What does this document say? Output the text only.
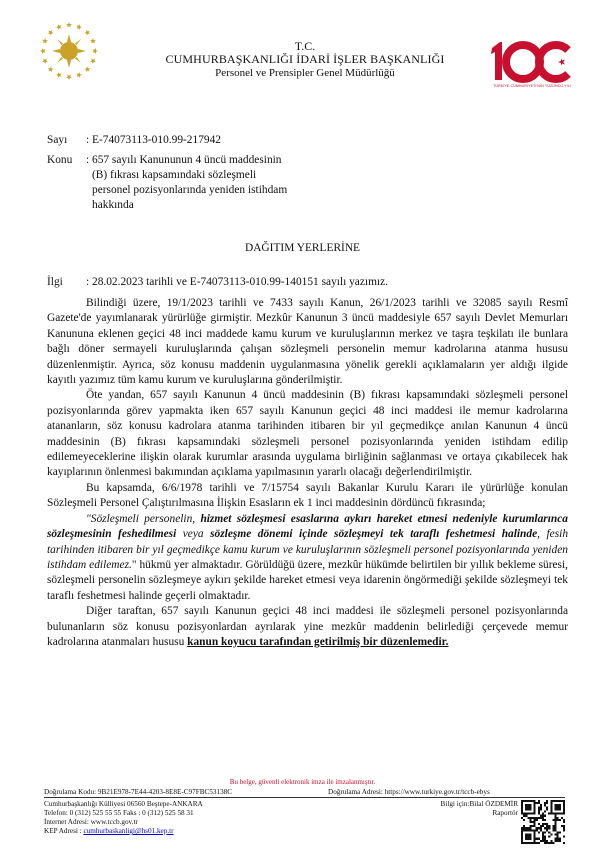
TÜRKİYE CUMHURİYETİ'NİN YÜZÜNCÜ YILI
T.C.
CUMHURBAŞKANLIĞI İDARİ İŞLER BAŞKANLIĞI
Personel ve Prensipler Genel Müdürlüğü
Sayı : E-74073113-010.99-217942
Konu : 657 sayılı Kanununun 4 üncü maddesinin
(B) fıkrası kapsamındaki sözleşmeli
personel pozisyonlarında yeniden istihdam
hakkında
DAĞITIM YERLERİNE
İlgi : 28.02.2023 tarihli ve E-74073113-010.99-140151 sayılı yazımız.

Bilindiği üzere, 19/1/2023 tarihli ve 7433 sayılı Kanun, 26/1/2023 tarihli ve 32085 sayılı Resmî Gazete'de yayımlanarak yürürlüğe girmiştir. Mezkûr Kanunun 3 üncü maddesiyle 657 sayılı Devlet Memurları Kanununa eklenen geçici 48 inci maddede kamu kurum ve kuruluşlarının merkez ve taşra teşkilatı ile bunlara bağlı döner sermayeli kuruluşlarında çalışan sözleşmeli personelin memur kadrolarına atanma hususu düzenlenmiştir. Ayrıca, söz konusu maddenin uygulanmasına yönelik gerekli açıklamaların yer aldığı ilgide kayıtlı yazımız tüm kamu kurum ve kuruluşlarına gönderilmiştir.

Öte yandan, 657 sayılı Kanunun 4 üncü maddesinin (B) fıkrası kapsamındaki sözleşmeli personel pozisyonlarında görev yapmakta iken 657 sayılı Kanunun geçici 48 inci maddesi ile memur kadrolarına atananların, söz konusu kadrolara atanma tarihinden itibaren bir yıl geçmedikçe anılan Kanunun 4 üncü maddesinin (B) fıkrası kapsamındaki sözleşmeli personel pozisyonlarında yeniden istihdam edilip edilemeyeceklerine ilişkin olarak kurumlar arasında uygulama birliğinin sağlanması ve ortaya çıkabilecek hak kayıplarının önlenmesi bakımından açıklama yapılmasının yararlı olacağı değerlendirilmiştir.

Bu kapsamda, 6/6/1978 tarihli ve 7/15754 sayılı Bakanlar Kurulu Kararı ile yürürlüğe konulan Sözleşmeli Personel Çalıştırılmasına İlişkin Esasların ek 1 inci maddesinin dördüncü fıkrasında;

"Sözleşmeli personelin, hizmet sözleşmesi esaslarına aykırı hareket etmesi nedeniyle kurumlarınca sözleşmesinin feshedilmesi veya sözleşme dönemi içinde sözleşmeyi tek taraflı feshetmesi halinde, fesih tarihinden itibaren bir yıl geçmedikçe kamu kurum ve kuruluşlarının sözleşmeli personel pozisyonlarında yeniden istihdam edilemez." hükmü yer almaktadır. Görüldüğü üzere, mezkûr hükümde belirtilen bir yıllık bekleme süresi, sözleşmeli personelin sözleşmeye aykırı şekilde hareket etmesi veya idarenin öngörmediği şekilde sözleşmeyi tek taraflı feshetmesi halinde geçerli olmaktadır.

Diğer taraftan, 657 sayılı Kanunun geçici 48 inci maddesi ile sözleşmeli personel pozisyonlarında bulunanların söz konusu pozisyonlardan ayrılarak yine mezkûr maddenin belirlediği çerçevede memur kadrolarına atanmaları hususu kanun koyucu tarafından getirilmiş bir düzenlemedir.

Bu belge, güvenli elektronik imza ile imzalanmıştır.
Doğrulama Kodu: 9B21E978-7E44-4203-8E8E-C97FBC53138C	Doğrulama Adresi: https://www.turkiye.gov.tr/tccb-ebys
Cumhurbaşkanlığı Külliyesi 06560 Beştepe-ANKARA
Telefon: 0 (312) 525 55 55 Faks : 0 (312) 525 58 31
İnternet Adresi: www.tccb.gov.tr
KEP Adresi : cumhurbaskanligi@hs01.kep.tr
Bilgi için:Bilal ÖZDEMİR
Raportör
